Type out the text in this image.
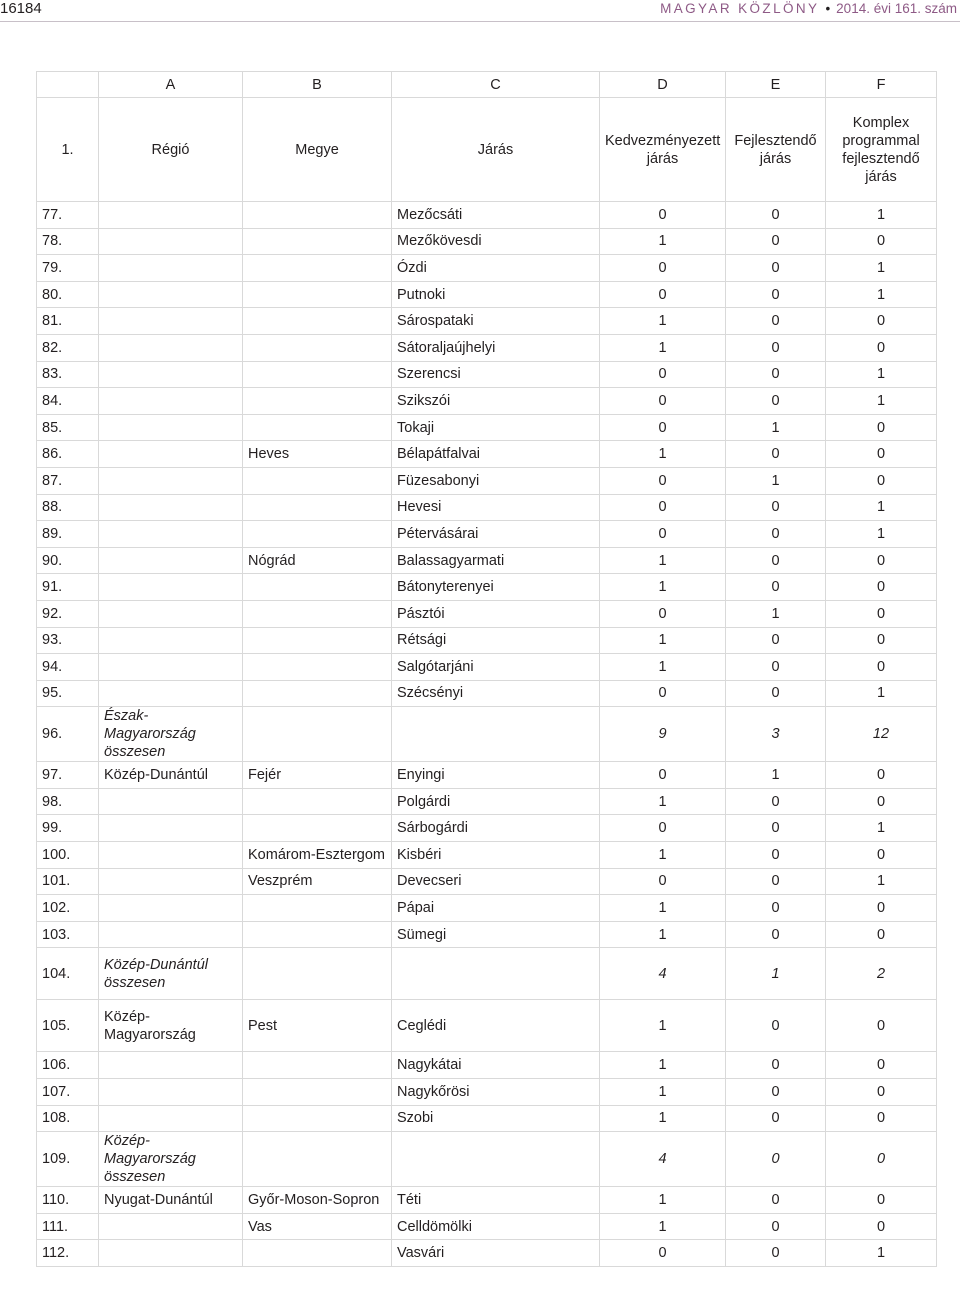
16184	MAGYAR KÖZLÖNY • 2014. évi 161. szám
	A	B	C	D	E	F
1.	Régió	Megye	Járás	Kedvezményezett járás	Fejlesztendő járás	Komplex programmal fejlesztendő járás
77.			Mezőcsáti	0	0	1
78.			Mezőkövesdi	1	0	0
79.			Ózdi	0	0	1
80.			Putnoki	0	0	1
81.			Sárospataki	1	0	0
82.			Sátoraljaújhelyi	1	0	0
83.			Szerencsi	0	0	1
84.			Szikszói	0	0	1
85.			Tokaji	0	1	0
86.		Heves	Bélapátfalvai	1	0	0
87.			Füzesabonyi	0	1	0
88.			Hevesi	0	0	1
89.			Pétervásárai	0	0	1
90.		Nógrád	Balassagyarmati	1	0	0
91.			Bátonyterenyei	1	0	0
92.			Pásztói	0	1	0
93.			Rétsági	1	0	0
94.			Salgótarjáni	1	0	0
95.			Szécsényi	0	0	1
96.	Észak-Magyarország összesen			9	3	12
97.	Közép-Dunántúl	Fejér	Enyingi	0	1	0
98.			Polgárdi	1	0	0
99.			Sárbogárdi	0	0	1
100.		Komárom-Esztergom	Kisbéri	1	0	0
101.		Veszprém	Devecseri	0	0	1
102.			Pápai	1	0	0
103.			Sümegi	1	0	0
104.	Közép-Dunántúl összesen			4	1	2
105.	Közép-Magyarország	Pest	Ceglédi	1	0	0
106.			Nagykátai	1	0	0
107.			Nagykőrösi	1	0	0
108.			Szobi	1	0	0
109.	Közép-Magyarország összesen			4	0	0
110.	Nyugat-Dunántúl	Győr-Moson-Sopron	Téti	1	0	0
111.		Vas	Celldömölki	1	0	0
112.			Vasvári	0	0	1
